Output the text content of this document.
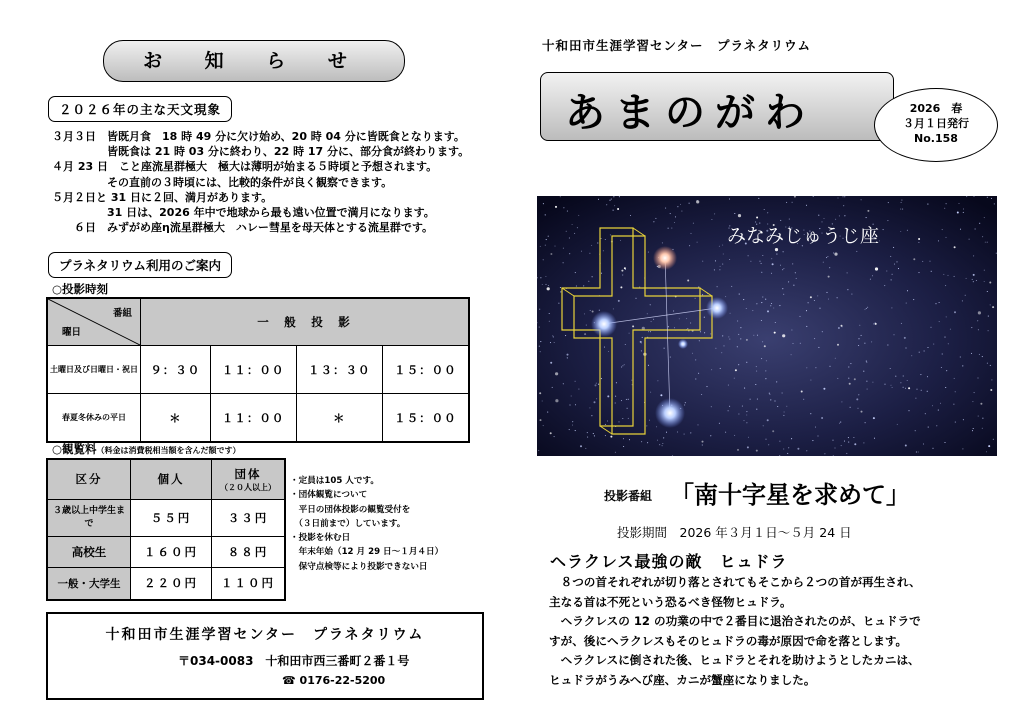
お 知 ら せ
２０２６年の主な天文現象
３月３日　皆既月食　18 時 49 分に欠け始め、20 時 04 分に皆既食となります。
　　　　　皆既食は 21 時 03 分に終わり、22 時 17 分に、部分食が終わります。
４月 23 日　こと座流星群極大　極大は薄明が始まる５時頃と予想されます。
　　　　　その直前の３時頃には、比較的条件が良く観察できます。
５月２日と 31 日に２回、満月があります。
　　　　　31 日は、2026 年中で地球から最も遠い位置で満月になります。
　　６日　みずがめ座η流星群極大　ハレー彗星を母天体とする流星群です。
プラネタリウム利用のご案内
○投影時刻
番組
曜日	一　般　投　影			
土曜日及び日曜日・祝日	９：３０	１１：００	１３：３０	１５：００
春夏冬休みの平日	＊	１１：００	＊	１５：００
○観覧料（料金は消費税相当額を含んだ額です）
区分	個人	団体
（２０人以上）

３歳以上中学生まで	５５円	３３円
高校生	１６０円	８８円
一般・大学生	２２０円	１１０円
・定員は105 人です。
・団体観覧について
　平日の団体投影の観覧受付を
　（３日前まで）しています。
・投影を休む日
　年末年始（12 月 29 日～１月４日）
　保守点検等により投影できない日
十和田市生涯学習センター　プラネタリウム
〒034-0083　十和田市西三番町２番１号
☎ 0176-22-5200
十和田市生涯学習センター　プラネタリウム
あまのがわ	2026　春
３月１日発行
No.158
みなみじゅうじ座
投影番組 「南十字星を求めて」
投影期間　2026 年３月１日～５月 24 日
ヘラクレス最強の敵　ヒュドラ
　８つの首それぞれが切り落とされてもそこから２つの首が再生され、
主なる首は不死という恐るべき怪物ヒュドラ。
　ヘラクレスの 12 の功業の中で２番目に退治されたのが、ヒュドラで
すが、後にヘラクレスもそのヒュドラの毒が原因で命を落とします。
　ヘラクレスに倒された後、ヒュドラとそれを助けようとしたカニは、
ヒュドラがうみへび座、カニが蟹座になりました。
